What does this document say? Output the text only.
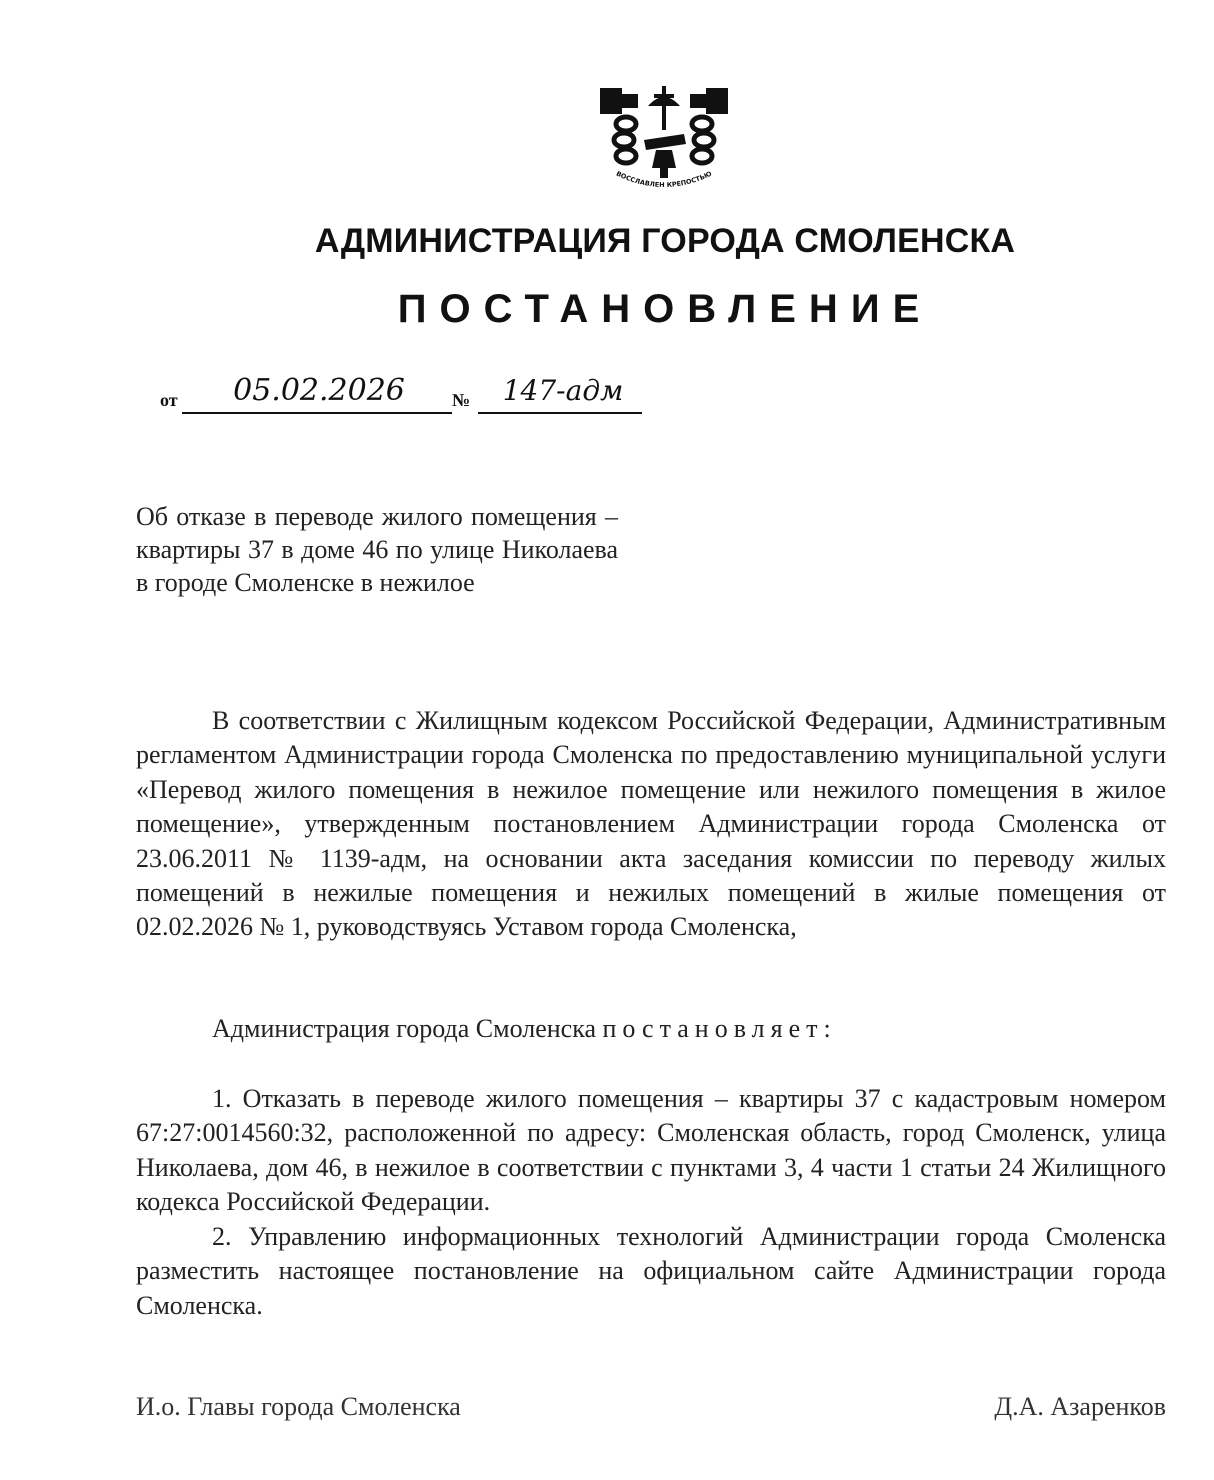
ВОССЛАВЛЕН КРЕПОСТЬЮ
АДМИНИСТРАЦИЯ ГОРОДА СМОЛЕНСКА
ПОСТАНОВЛЕНИЕ
от	05.02.2026	№	147-адм
Об отказе в переводе жилого помещения – квартиры 37 в доме 46 по улице Николаева в городе Смоленске в нежилое
В соответствии с Жилищным кодексом Российской Федерации, Административным регламентом Администрации города Смоленска по предоставлению муниципальной услуги «Перевод жилого помещения в нежилое помещение или нежилого помещения в жилое помещение», утвержденным постановлением Администрации города Смоленска от 23.06.2011 № 1139-адм, на основании акта заседания комиссии по переводу жилых помещений в нежилые помещения и нежилых помещений в жилые помещения от 02.02.2026 № 1, руководствуясь Уставом города Смоленска,
Администрация города Смоленска постановляет:
1. Отказать в переводе жилого помещения – квартиры 37 с кадастровым номером 67:27:0014560:32, расположенной по адресу: Смоленская область, город Смоленск, улица Николаева, дом 46, в нежилое в соответствии с пунктами 3, 4 части 1 статьи 24 Жилищного кодекса Российской Федерации.
2. Управлению информационных технологий Администрации города Смоленска разместить настоящее постановление на официальном сайте Администрации города Смоленска.
И.о. Главы города Смоленска	Д.А. Азаренков
